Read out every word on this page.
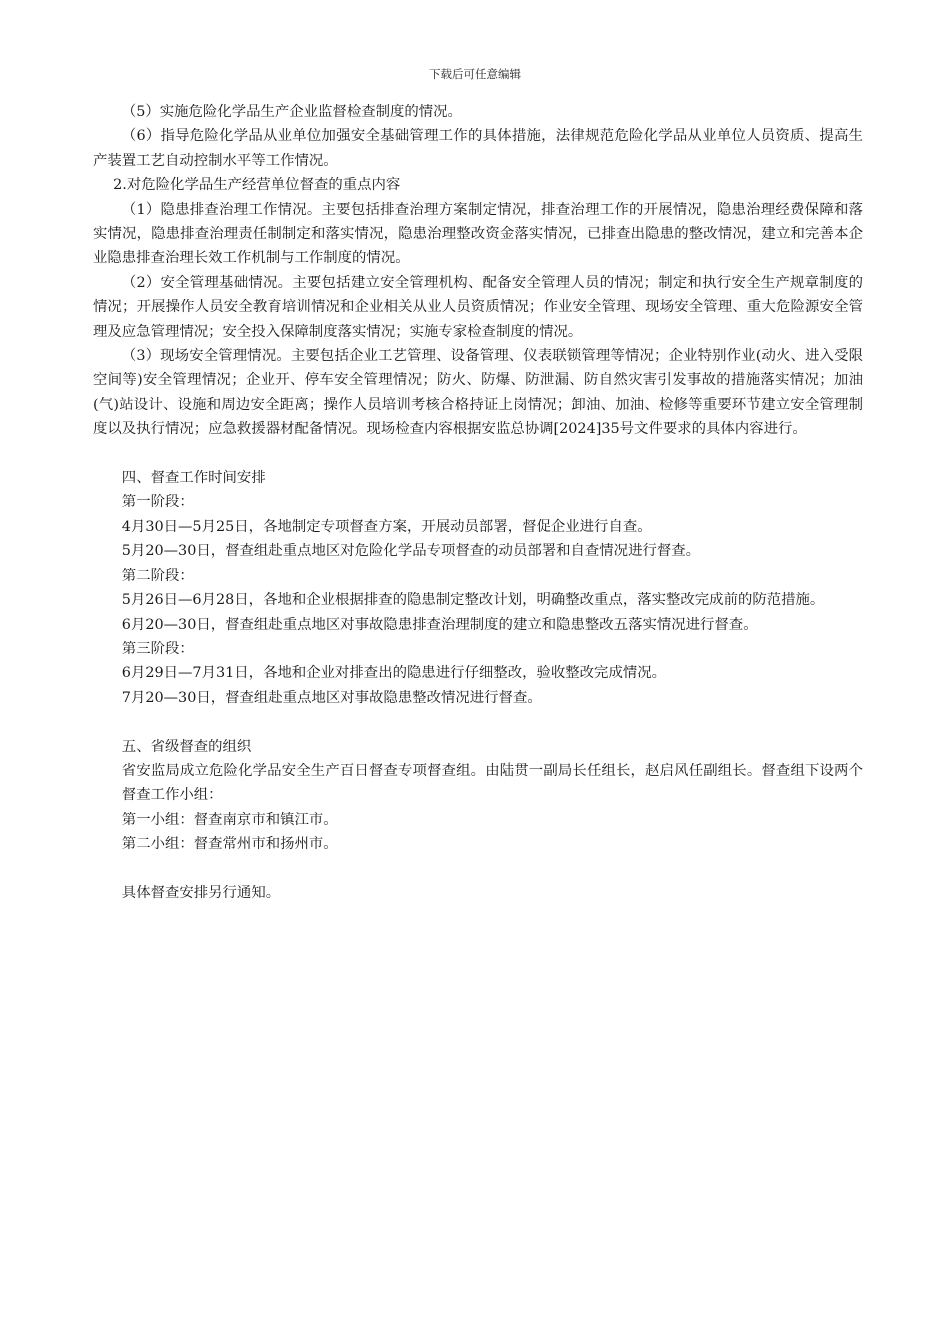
下载后可任意编辑

（5）实施危险化学品生产企业监督检查制度的情况。

（6）指导危险化学品从业单位加强安全基础管理工作的具体措施，法律规范危险化学品从业单位人员资质、提高生产装置工艺自动控制水平等工作情况。

2.对危险化学品生产经营单位督查的重点内容

（1）隐患排查治理工作情况。主要包括排查治理方案制定情况，排查治理工作的开展情况，隐患治理经费保障和落实情况，隐患排查治理责任制制定和落实情况，隐患治理整改资金落实情况，已排查出隐患的整改情况，建立和完善本企业隐患排查治理长效工作机制与工作制度的情况。

（2）安全管理基础情况。主要包括建立安全管理机构、配备安全管理人员的情况；制定和执行安全生产规章制度的情况；开展操作人员安全教育培训情况和企业相关从业人员资质情况；作业安全管理、现场安全管理、重大危险源安全管理及应急管理情况；安全投入保障制度落实情况；实施专家检查制度的情况。

（3）现场安全管理情况。主要包括企业工艺管理、设备管理、仪表联锁管理等情况；企业特别作业(动火、进入受限空间等)安全管理情况；企业开、停车安全管理情况；防火、防爆、防泄漏、防自然灾害引发事故的措施落实情况；加油(气)站设计、设施和周边安全距离；操作人员培训考核合格持证上岗情况；卸油、加油、检修等重要环节建立安全管理制度以及执行情况；应急救援器材配备情况。现场检查内容根据安监总协调[2024]35号文件要求的具体内容进行。

四、督查工作时间安排

第一阶段：

4月30日—5月25日，各地制定专项督查方案，开展动员部署，督促企业进行自查。

5月20—30日，督查组赴重点地区对危险化学品专项督查的动员部署和自查情况进行督查。

第二阶段：

5月26日—6月28日，各地和企业根据排查的隐患制定整改计划，明确整改重点，落实整改完成前的防范措施。

6月20—30日，督查组赴重点地区对事故隐患排查治理制度的建立和隐患整改五落实情况进行督查。

第三阶段：

6月29日—7月31日，各地和企业对排查出的隐患进行仔细整改，验收整改完成情况。

7月20—30日，督查组赴重点地区对事故隐患整改情况进行督查。

五、省级督查的组织

省安监局成立危险化学品安全生产百日督查专项督查组。由陆贯一副局长任组长，赵启风任副组长。督查组下设两个督查工作小组：

第一小组：督查南京市和镇江市。

第二小组：督查常州市和扬州市。

具体督查安排另行通知。
